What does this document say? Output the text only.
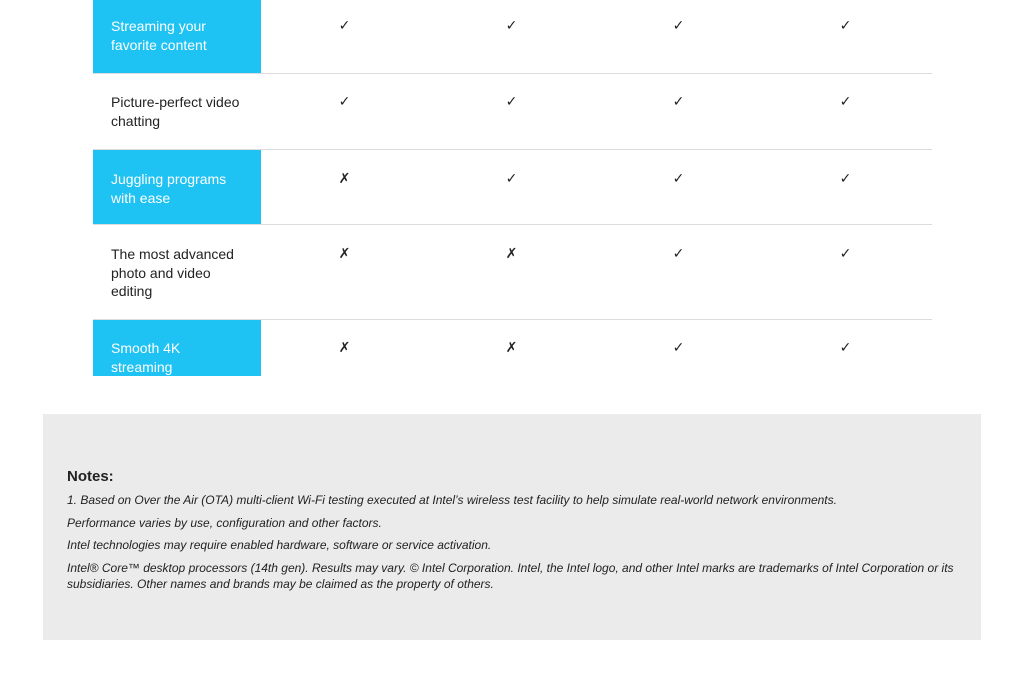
Streaming your favorite content
✓	✓	✓	✓
Picture-perfect video chatting
✓	✓	✓	✓
Juggling programs with ease
✗	✓	✓	✓
The most advanced photo and video editing
✗	✗	✓	✓
Smooth 4K streaming
✗	✗	✓	✓
Notes:

1. Based on Over the Air (OTA) multi-client Wi-Fi testing executed at Intel’s wireless test facility to help simulate real-world network environments.

Performance varies by use, configuration and other factors.

Intel technologies may require enabled hardware, software or service activation.

Intel® Core™ desktop processors (14th gen). Results may vary. © Intel Corporation. Intel, the Intel logo, and other Intel marks are trademarks of Intel Corporation or its subsidiaries. Other names and brands may be claimed as the property of others.
